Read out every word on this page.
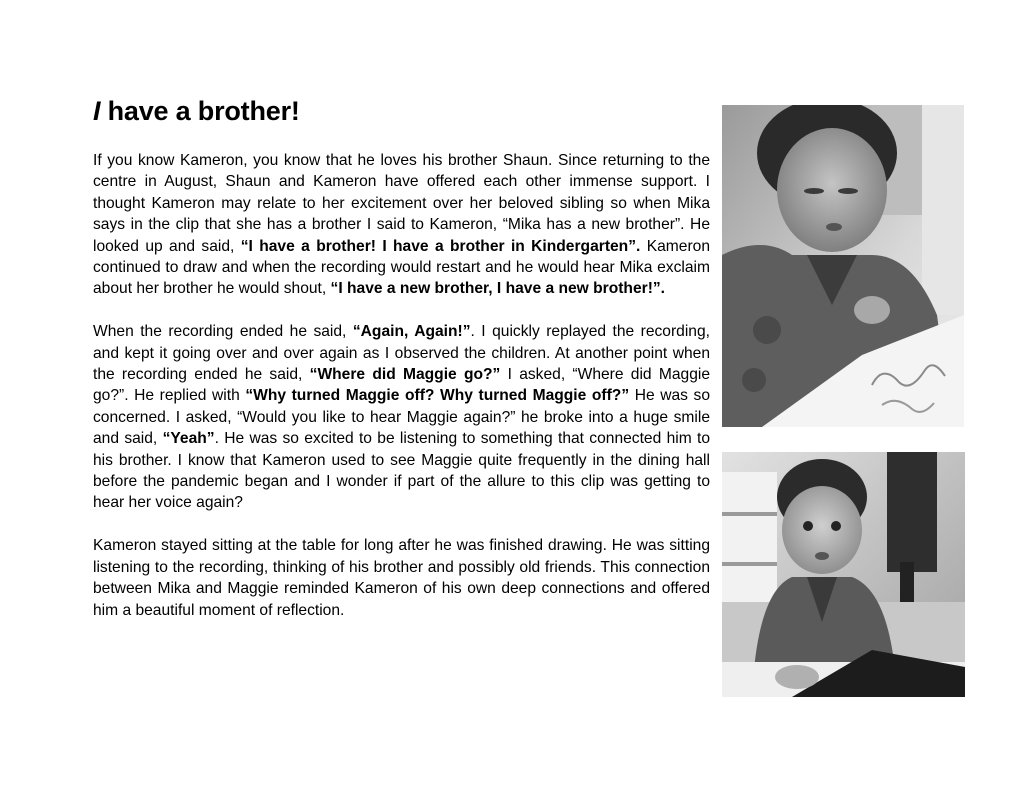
I have a brother!

If you know Kameron, you know that he loves his brother Shaun. Since returning to the centre in August, Shaun and Kameron have offered each other immense support. I thought Kameron may relate to her excitement over her beloved sibling so when Mika says in the clip that she has a brother I said to Kameron, “Mika has a new brother”. He looked up and said, “I have a brother! I have a brother in Kindergarten”. Kameron continued to draw and when the recording would restart and he would hear Mika exclaim about her brother he would shout, “I have a new brother, I have a new brother!”.

When the recording ended he said, “Again, Again!”. I quickly replayed the recording, and kept it going over and over again as I observed the children. At another point when the recording ended he said, “Where did Maggie go?” I asked, “Where did Maggie go?”. He replied with “Why turned Maggie off? Why turned Maggie off?” He was so concerned. I asked, “Would you like to hear Maggie again?” he broke into a huge smile and said, “Yeah”. He was so excited to be listening to something that connected him to his brother. I know that Kameron used to see Maggie quite frequently in the dining hall before the pandemic began and I wonder if part of the allure to this clip was getting to hear her voice again?

Kameron stayed sitting at the table for long after he was finished drawing. He was sitting listening to the recording, thinking of his brother and possibly old friends. This connection between Mika and Maggie reminded Kameron of his own deep connections and offered him a beautiful moment of reflection.
